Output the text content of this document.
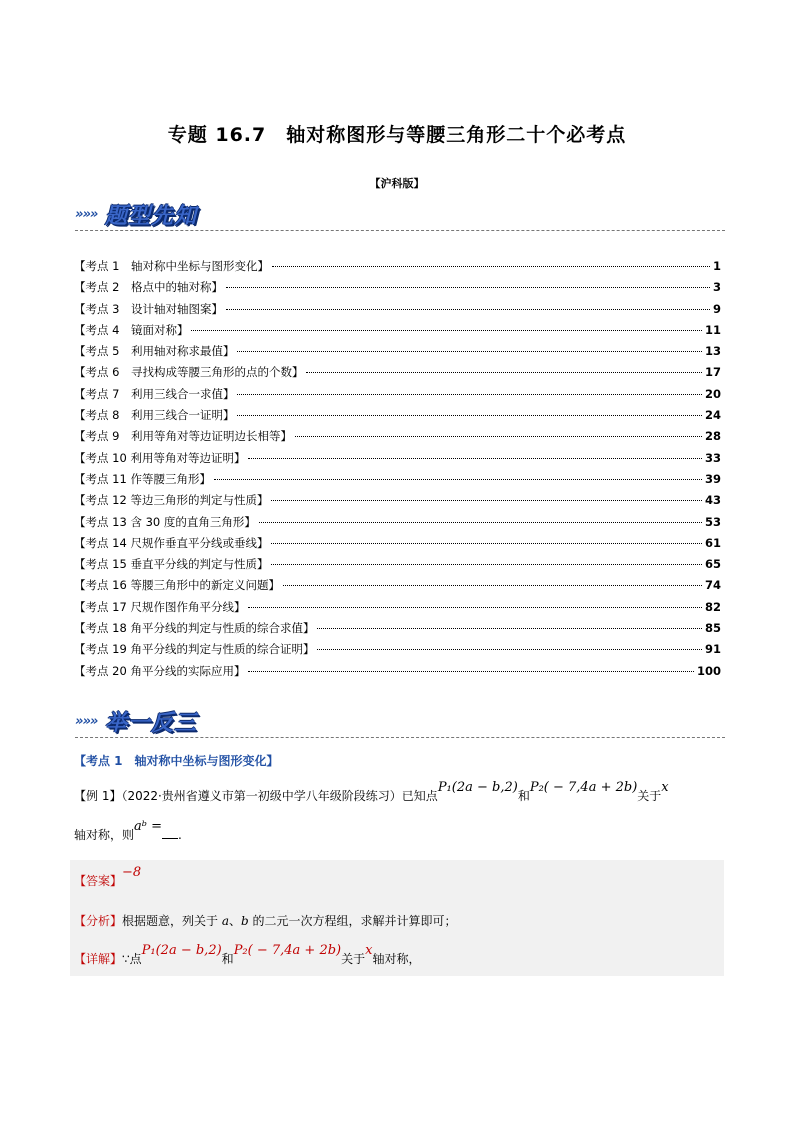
专题 16.7　轴对称图形与等腰三角形二十个必考点
【沪科版】
»»» 题型先知
【考点 1　轴对称中坐标与图形变化】	1
【考点 2　格点中的轴对称】	3
【考点 3　设计轴对轴图案】	9
【考点 4　镜面对称】	11
【考点 5　利用轴对称求最值】	13
【考点 6　寻找构成等腰三角形的点的个数】	17
【考点 7　利用三线合一求值】	20
【考点 8　利用三线合一证明】	24
【考点 9　利用等角对等边证明边长相等】	28
【考点 10 利用等角对等边证明】	33
【考点 11 作等腰三角形】	39
【考点 12 等边三角形的判定与性质】	43
【考点 13 含 30 度的直角三角形】	53
【考点 14 尺规作垂直平分线或垂线】	61
【考点 15 垂直平分线的判定与性质】	65
【考点 16 等腰三角形中的新定义问题】	74
【考点 17 尺规作图作角平分线】	82
【考点 18 角平分线的判定与性质的综合求值】	85
【考点 19 角平分线的判定与性质的综合证明】	91
【考点 20 角平分线的实际应用】	100
»»» 举一反三
【考点 1　轴对称中坐标与图形变化】
【例 1】（2022·贵州省遵义市第一初级中学八年级阶段练习）已知点P₁(2a − b,2)和P₂( − 7,4a + 2b)关于x
轴对称，则aᵇ =.
【答案】−8
【分析】根据题意，列关于 a、b 的二元一次方程组，求解并计算即可；
【详解】∵点P₁(2a − b,2)和P₂( − 7,4a + 2b)关于x轴对称，
